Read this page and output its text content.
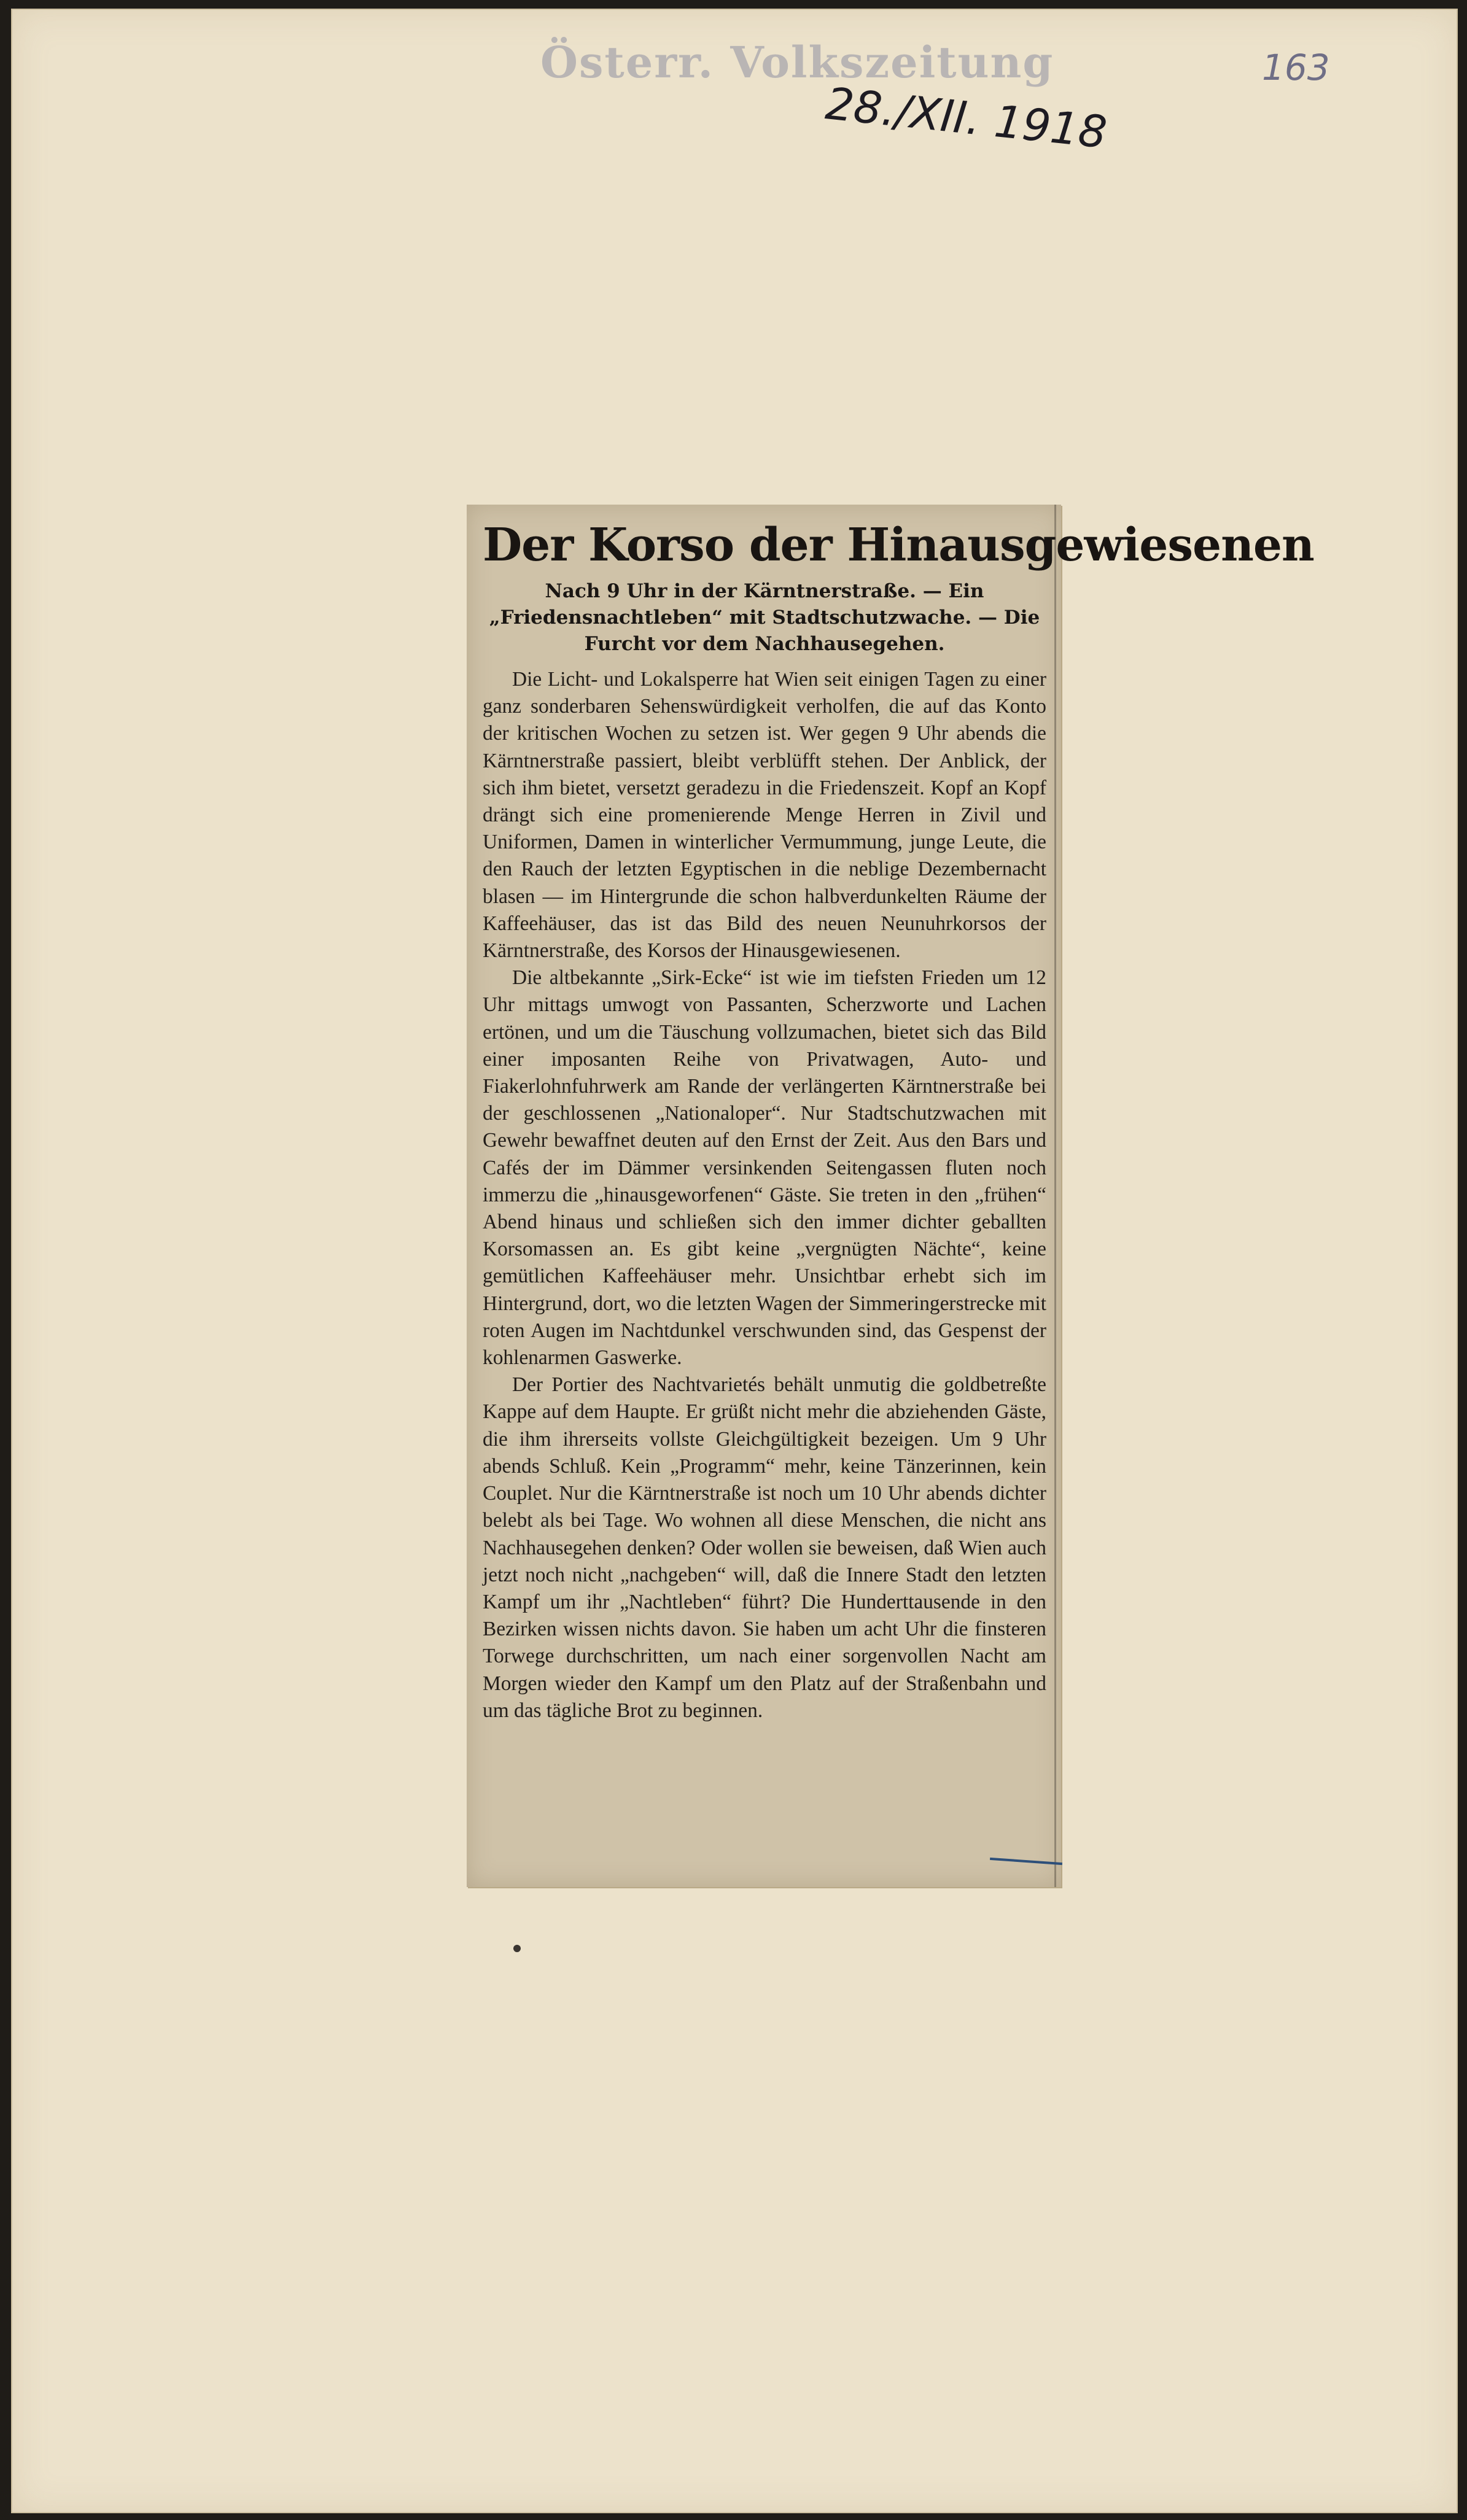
Österr. Volkszeitung
28./XII. 1918
163
Der Korso der Hinausgewiesenen
Nach 9 Uhr in der Kärntnerstraße. — Ein „Friedensnachtleben“ mit Stadtschutzwache. — Die Furcht vor dem Nachhausegehen.

Die Licht- und Lokalsperre hat Wien seit einigen Tagen zu einer ganz sonderbaren Sehenswürdigkeit verholfen, die auf das Konto der kritischen Wochen zu setzen ist. Wer gegen 9 Uhr abends die Kärntnerstraße passiert, bleibt verblüfft stehen. Der Anblick, der sich ihm bietet, versetzt geradezu in die Friedenszeit. Kopf an Kopf drängt sich eine promenierende Menge Herren in Zivil und Uniformen, Damen in winterlicher Vermummung, junge Leute, die den Rauch der letzten Egyptischen in die neblige Dezembernacht blasen — im Hintergrunde die schon halbverdunkelten Räume der Kaffeehäuser, das ist das Bild des neuen Neunuhrkorsos der Kärntnerstraße, des Korsos der Hinausgewiesenen.

Die altbekannte „Sirk-Ecke“ ist wie im tiefsten Frieden um 12 Uhr mittags umwogt von Passanten, Scherzworte und Lachen ertönen, und um die Täuschung vollzumachen, bietet sich das Bild einer imposanten Reihe von Privatwagen, Auto- und Fiakerlohnfuhrwerk am Rande der verlängerten Kärntnerstraße bei der geschlossenen „Nationaloper“. Nur Stadtschutzwachen mit Gewehr bewaffnet deuten auf den Ernst der Zeit. Aus den Bars und Cafés der im Dämmer versinkenden Seitengassen fluten noch immerzu die „hinausgeworfenen“ Gäste. Sie treten in den „frühen“ Abend hinaus und schließen sich den immer dichter geballten Korsomassen an. Es gibt keine „vergnügten Nächte“, keine gemütlichen Kaffeehäuser mehr. Unsichtbar erhebt sich im Hintergrund, dort, wo die letzten Wagen der Simmeringerstrecke mit roten Augen im Nachtdunkel verschwunden sind, das Gespenst der kohlenarmen Gaswerke.

Der Portier des Nachtvarietés behält unmutig die goldbetreßte Kappe auf dem Haupte. Er grüßt nicht mehr die abziehenden Gäste, die ihm ihrerseits vollste Gleichgültigkeit bezeigen. Um 9 Uhr abends Schluß. Kein „Programm“ mehr, keine Tänzerinnen, kein Couplet. Nur die Kärntnerstraße ist noch um 10 Uhr abends dichter belebt als bei Tage. Wo wohnen all diese Menschen, die nicht ans Nachhausegehen denken? Oder wollen sie beweisen, daß Wien auch jetzt noch nicht „nachgeben“ will, daß die Innere Stadt den letzten Kampf um ihr „Nachtleben“ führt? Die Hunderttausende in den Bezirken wissen nichts davon. Sie haben um acht Uhr die finsteren Torwege durchschritten, um nach einer sorgenvollen Nacht am Morgen wieder den Kampf um den Platz auf der Straßenbahn und um das tägliche Brot zu beginnen.
